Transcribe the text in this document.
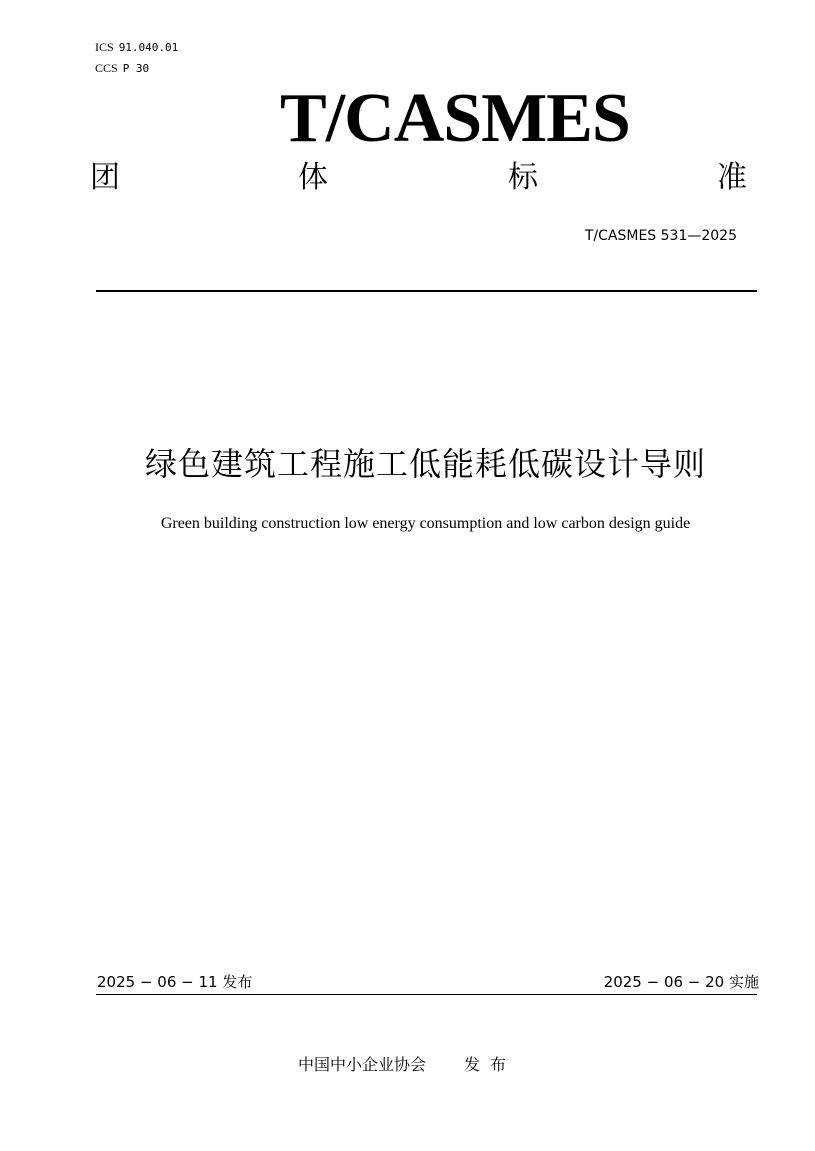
ICS 91.040.01
CCS P 30
T/CASMES
团	体	标	准
T/CASMES 531—2025
绿色建筑工程施工低能耗低碳设计导则
Green building construction low energy consumption and low carbon design guide
2025 − 06 − 11 发布	2025 − 06 − 20 实施
中国中小企业协会 发布
